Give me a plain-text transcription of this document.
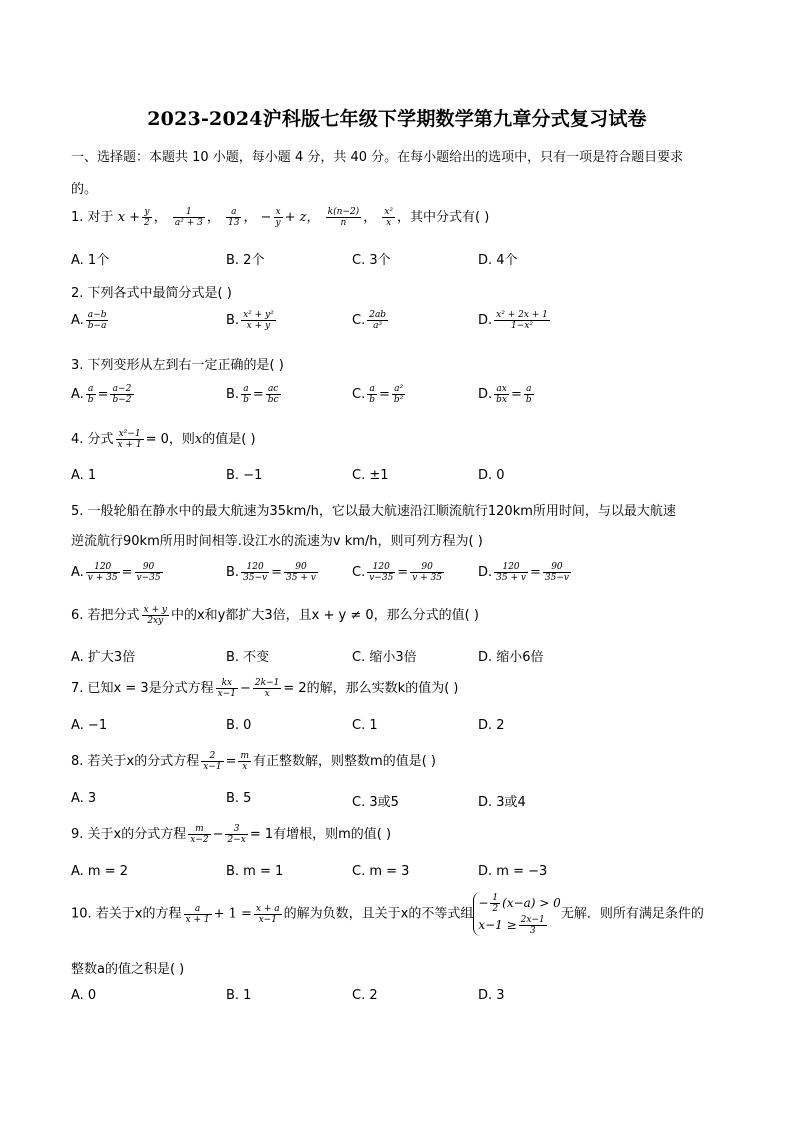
2023-2024沪科版七年级下学期数学第九章分式复习试卷
一、选择题：本题共 10 小题，每小题 4 分，共 40 分。在每小题给出的选项中，只有一项是符合题目要求
的。
1. 对于 $x + \frac{y}{2}$ ， $\frac{1}{\text{a² + 3}}$ ， $\frac{a}{13}$ ， − $\frac{x}{y} + z$， $\frac{k(n-2)}{n}$ ， $\frac{\text{x²}}{x}$ ，其中分式有( )
A. 1个	B. 2个	C. 3个	D. 4个
2. 下列各式中最简分式是( )
A. $\frac{a-b}{b-a}$	B. $\frac{\text{x² + y²}}{x + y}$	C. $\frac{2ab}{\text{a³}}$	D. $\frac{\text{x² + 2x + 1}}{\text{1−x²}}$
3. 下列变形从左到右一定正确的是( )
A. $\frac{a}{b} = \frac{a-2}{b-2}$	B. $\frac{a}{b} = \frac{ac}{bc}$	C. $\frac{a}{b} = \frac{\text{a²}}{\text{b²}}$	D. $\frac{ax}{bx} = \frac{a}{b}$
4. 分式 $\frac{\text{x²−1}}{x + 1} = 0$，则x的值是( )
A. 1	B. −1	C. ±1	D. 0
5. 一般轮船在静水中的最大航速为35km/h，它以最大航速沿江顺流航行120km所用时间，与以最大航速
逆流航行90km所用时间相等.设江水的流速为v km/h，则可列方程为( )
A. $\frac{120}{v + 35} = \frac{90}{v-35}$	B. $\frac{120}{35-v} = \frac{90}{35 + v}$	C. $\frac{120}{v-35} = \frac{90}{v + 35}$	D. $\frac{120}{35 + v} = \frac{90}{35-v}$
6. 若把分式 $\frac{x + y}{2xy}$ 中的x和y都扩大3倍，且x + y ≠ 0，那么分式的值( )
A. 扩大3倍	B. 不变	C. 缩小3倍	D. 缩小6倍
7. 已知x = 3是分式方程 $\frac{kx}{x-1} - \frac{2k-1}{x} = 2$的解，那么实数k的值为( )
A. −1	B. 0	C. 1	D. 2
8. 若关于x的分式方程 $\frac{2}{x-1} = \frac{m}{x}$ 有正整数解，则整数m的值是( )
A. 3	B. 5	C. 3或5	D. 3或4
9. 关于x的分式方程 $\frac{m}{x-2} - \frac{3}{2-x} = 1$有增根，则m的值( )
A. m = 2	B. m = 1	C. m = 3	D. m = −3
10. 若关于x的方程 $\frac{a}{x + 1} + 1 = \frac{x + a}{x-1}$ 的解为负数，且关于x的不等式组
− $\frac{1}{2} (x-a) > 0$
$x-1 \ge \frac{2x-1}{3}$
无解．则所有满足条件的
整数a的值之积是( )
A. 0	B. 1	C. 2	D. 3
